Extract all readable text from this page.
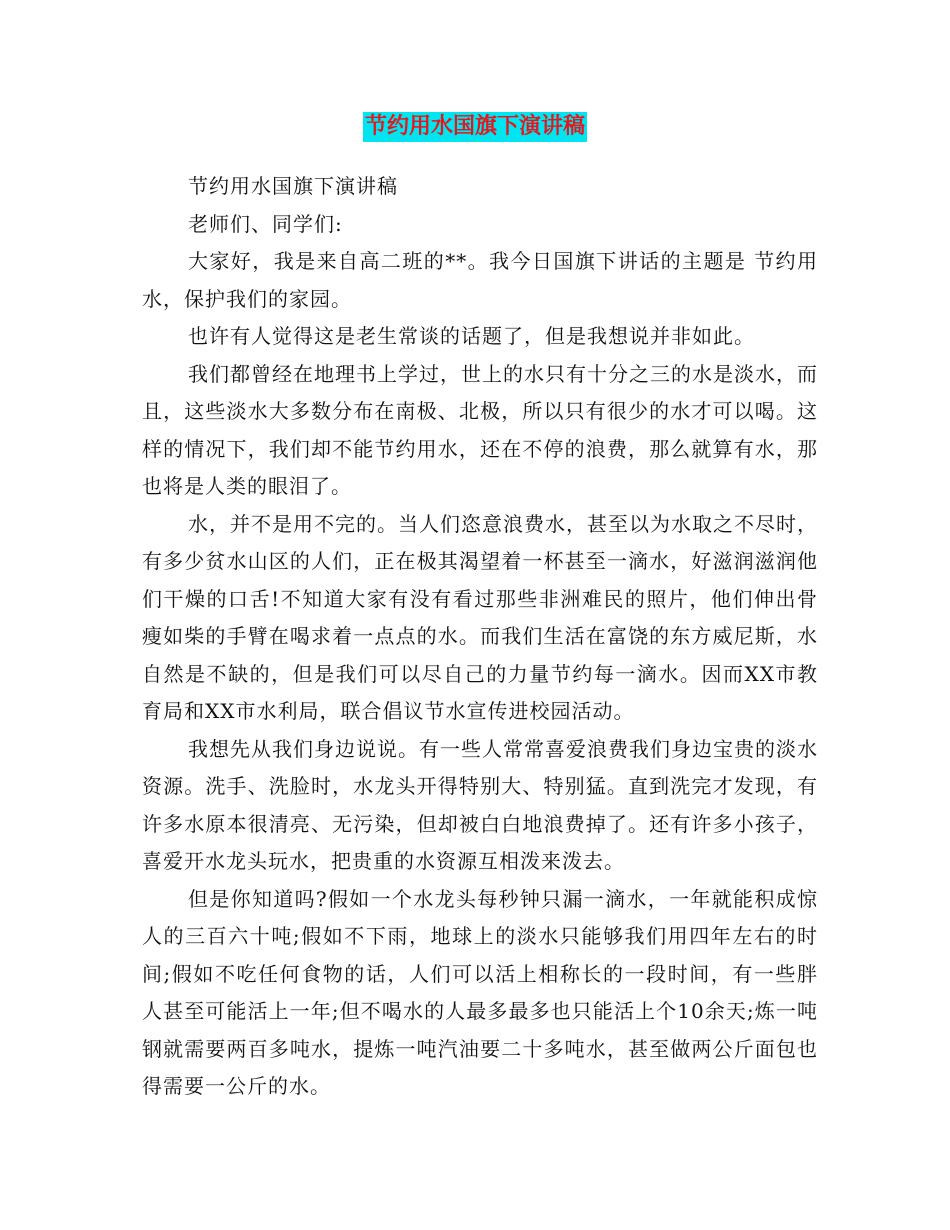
节约用水国旗下演讲稿

节约用水国旗下演讲稿

老师们、同学们:

大家好，我是来自高二班的**。我今日国旗下讲话的主题是 节约用水，保护我们的家园。

也许有人觉得这是老生常谈的话题了，但是我想说并非如此。

我们都曾经在地理书上学过，世上的水只有十分之三的水是淡水，而且，这些淡水大多数分布在南极、北极，所以只有很少的水才可以喝。这样的情况下，我们却不能节约用水，还在不停的浪费，那么就算有水，那也将是人类的眼泪了。

水，并不是用不完的。当人们恣意浪费水，甚至以为水取之不尽时，有多少贫水山区的人们，正在极其渴望着一杯甚至一滴水，好滋润滋润他们干燥的口舌!不知道大家有没有看过那些非洲难民的照片，他们伸出骨瘦如柴的手臂在喝求着一点点的水。而我们生活在富饶的东方威尼斯，水自然是不缺的，但是我们可以尽自己的力量节约每一滴水。因而XX市教育局和XX市水利局，联合倡议节水宣传进校园活动。

我想先从我们身边说说。有一些人常常喜爱浪费我们身边宝贵的淡水资源。洗手、洗脸时，水龙头开得特别大、特别猛。直到洗完才发现，有许多水原本很清亮、无污染，但却被白白地浪费掉了。还有许多小孩子，喜爱开水龙头玩水，把贵重的水资源互相泼来泼去。

但是你知道吗?假如一个水龙头每秒钟只漏一滴水，一年就能积成惊人的三百六十吨;假如不下雨，地球上的淡水只能够我们用四年左右的时间;假如不吃任何食物的话，人们可以活上相称长的一段时间，有一些胖人甚至可能活上一年;但不喝水的人最多最多也只能活上个10余天;炼一吨钢就需要两百多吨水，提炼一吨汽油要二十多吨水，甚至做两公斤面包也得需要一公斤的水。
